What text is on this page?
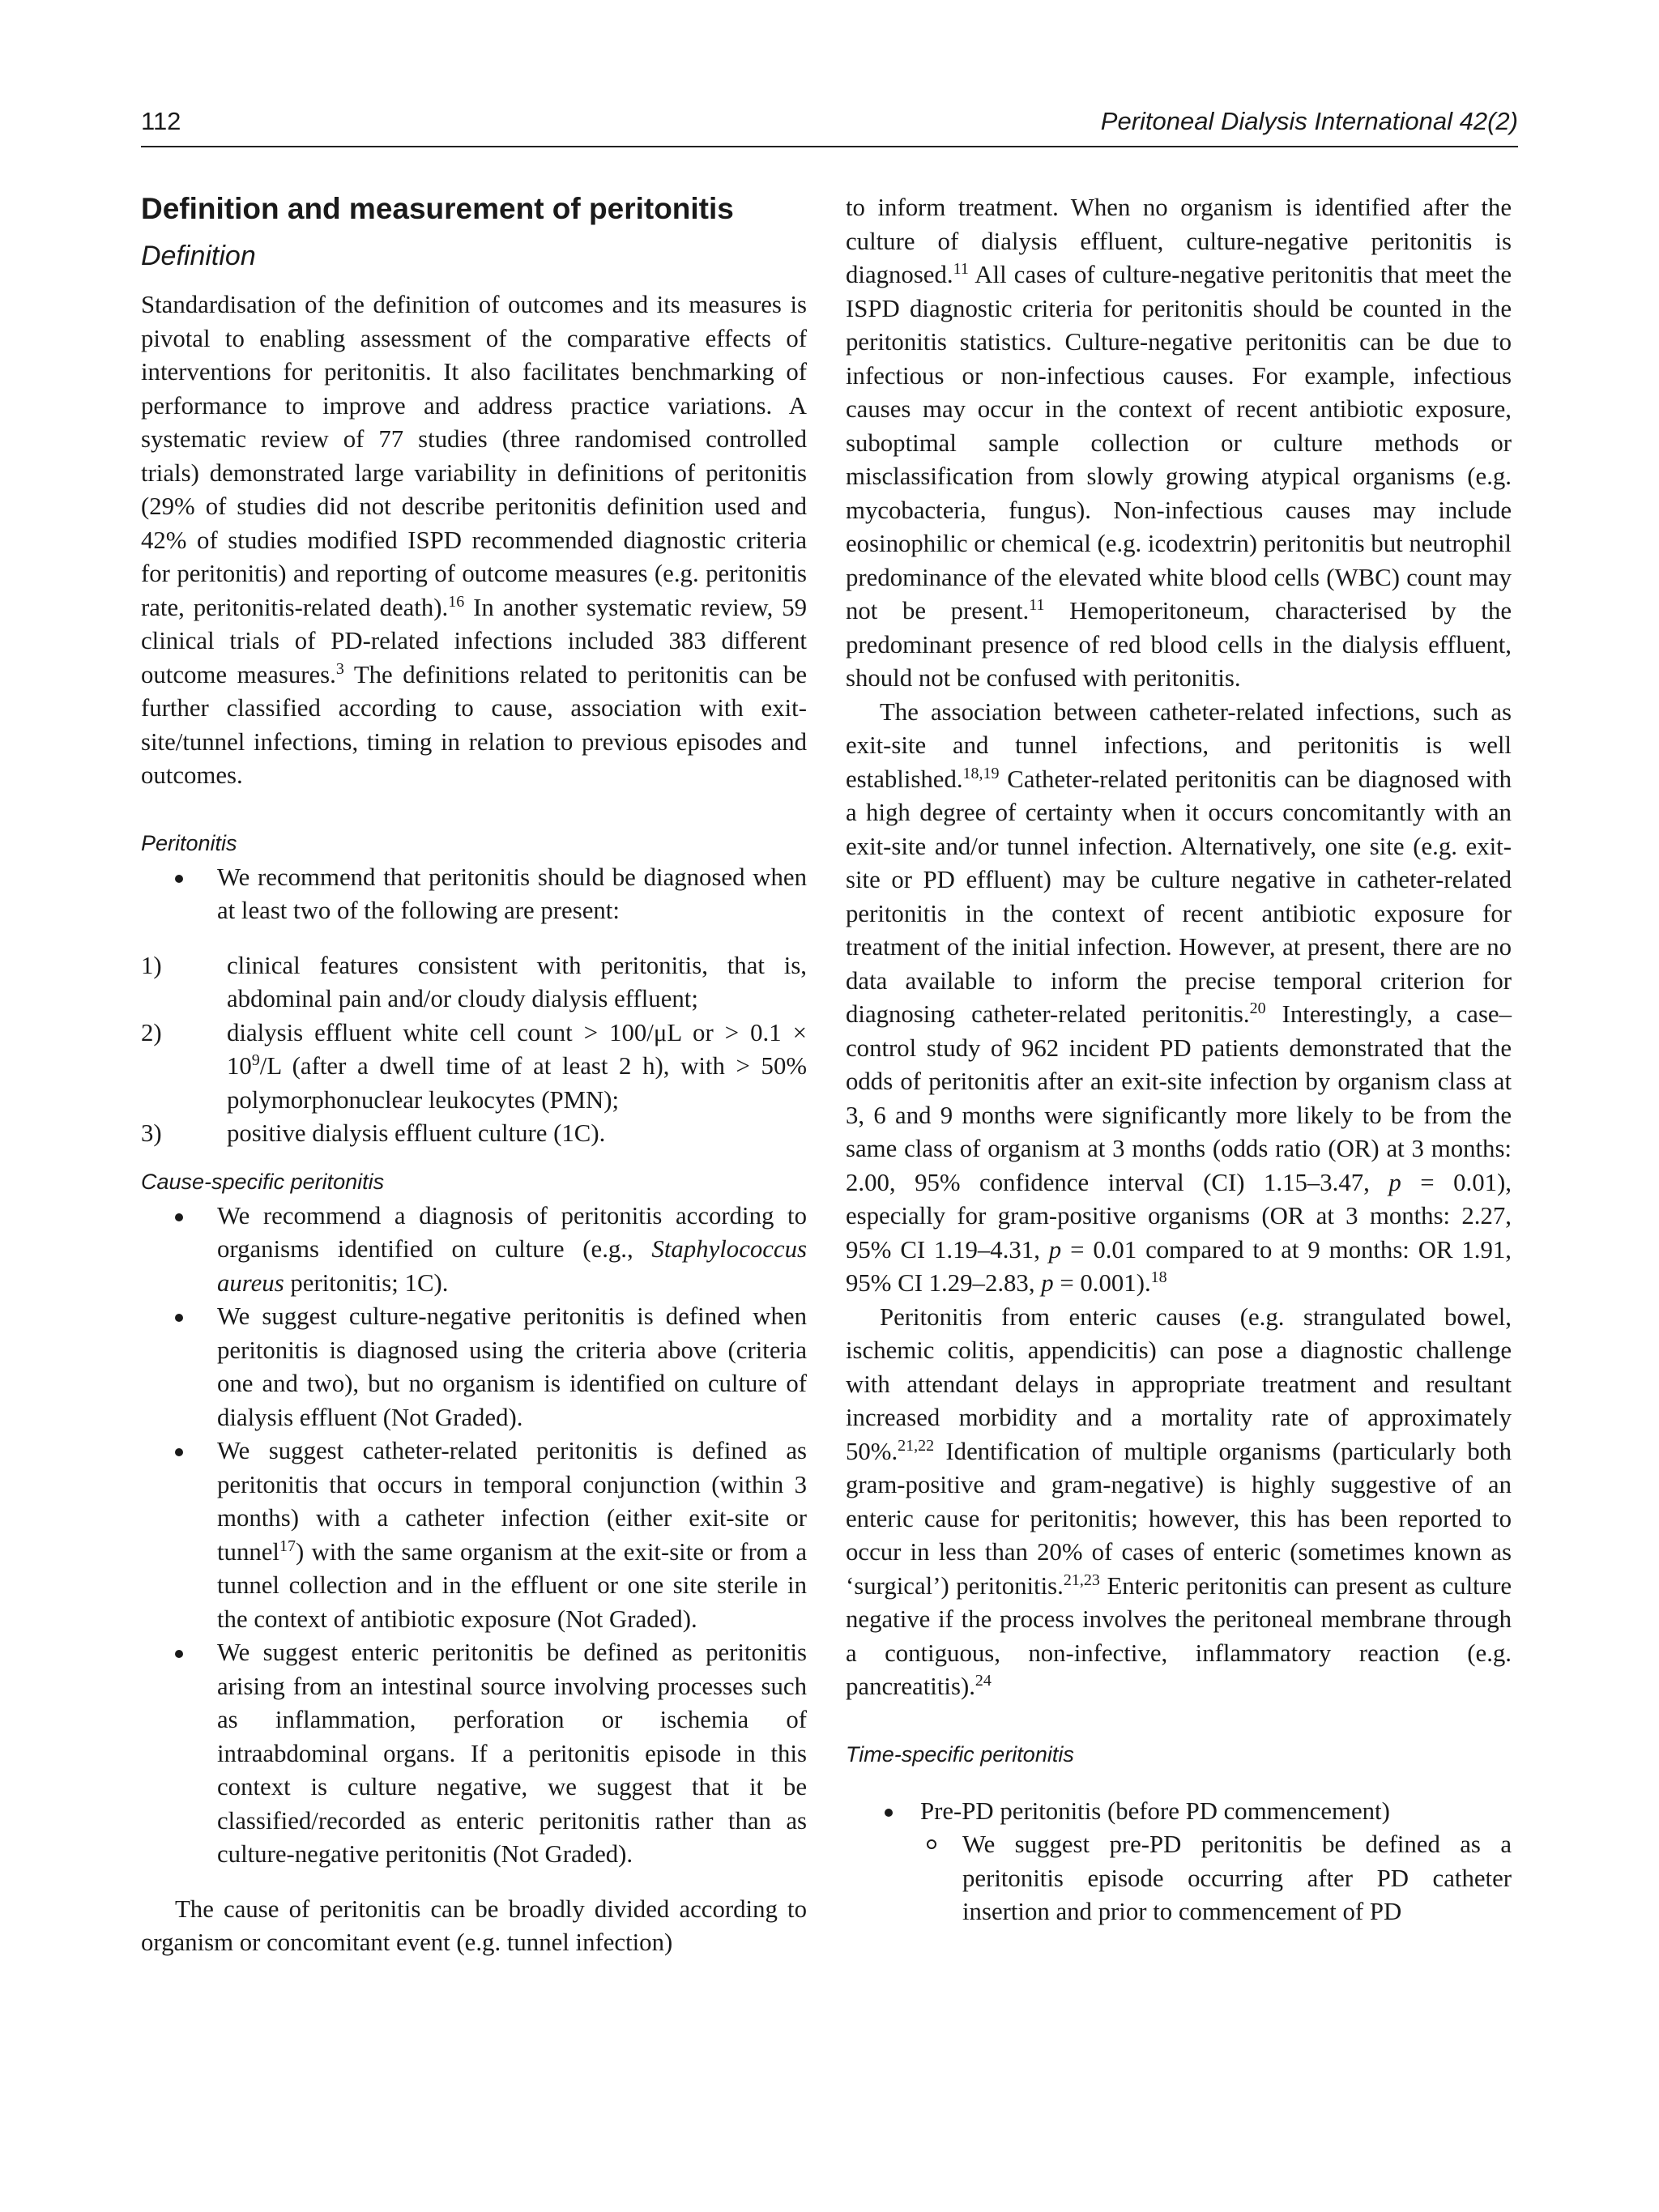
112	Peritoneal Dialysis International 42(2)
Definition and measurement of peritonitis
Definition

Standardisation of the definition of outcomes and its measures is pivotal to enabling assessment of the comparative effects of interventions for peritonitis. It also facilitates benchmarking of performance to improve and address practice variations. A systematic review of 77 studies (three randomised controlled trials) demonstrated large variability in definitions of peritonitis (29% of studies did not describe peritonitis definition used and 42% of studies modified ISPD recommended diagnostic criteria for peritonitis) and reporting of outcome measures (e.g. peritonitis rate, peritonitis-related death).$^{16}$ In another systematic review, 59 clinical trials of PD-related infections included 383 different outcome measures.$^3$ The definitions related to peritonitis can be further classified according to cause, association with exit-site/tunnel infections, timing in relation to previous episodes and outcomes.

Peritonitis
We recommend that peritonitis should be diagnosed when at least two of the following are present:
1)	clinical features consistent with peritonitis, that is, abdominal pain and/or cloudy dialysis effluent;
2)	dialysis effluent white cell count > 100/μL or > $0.1 \times 10^9/L$ (after a dwell time of at least 2 h), with > 50% polymorphonuclear leukocytes (PMN);
3)	positive dialysis effluent culture (1C).
Cause-specific peritonitis
We recommend a diagnosis of peritonitis according to organisms identified on culture (e.g., Staphylococcus aureus peritonitis; 1C).
We suggest culture-negative peritonitis is defined when peritonitis is diagnosed using the criteria above (criteria one and two), but no organism is identified on culture of dialysis effluent (Not Graded).
We suggest catheter-related peritonitis is defined as peritonitis that occurs in temporal conjunction (within 3 months) with a catheter infection (either exit-site or tunnel$^{17}$) with the same organism at the exit-site or from a tunnel collection and in the effluent or one site sterile in the context of antibiotic exposure (Not Graded).
We suggest enteric peritonitis be defined as peritonitis arising from an intestinal source involving processes such as inflammation, perforation or ischemia of intraabdominal organs. If a peritonitis episode in this context is culture negative, we suggest that it be classified/recorded as enteric peritonitis rather than as culture-negative peritonitis (Not Graded).

The cause of peritonitis can be broadly divided according to organism or concomitant event (e.g. tunnel infection)

to inform treatment. When no organism is identified after the culture of dialysis effluent, culture-negative peritonitis is diagnosed.$^{11}$ All cases of culture-negative peritonitis that meet the ISPD diagnostic criteria for peritonitis should be counted in the peritonitis statistics. Culture-negative peritonitis can be due to infectious or non-infectious causes. For example, infectious causes may occur in the context of recent antibiotic exposure, suboptimal sample collection or culture methods or misclassification from slowly growing atypical organisms (e.g. mycobacteria, fungus). Non-infectious causes may include eosinophilic or chemical (e.g. icodextrin) peritonitis but neutrophil predominance of the elevated white blood cells (WBC) count may not be present.$^{11}$ Hemoperitoneum, characterised by the predominant presence of red blood cells in the dialysis effluent, should not be confused with peritonitis.

The association between catheter-related infections, such as exit-site and tunnel infections, and peritonitis is well established.$^{18,19}$ Catheter-related peritonitis can be diagnosed with a high degree of certainty when it occurs concomitantly with an exit-site and/or tunnel infection. Alternatively, one site (e.g. exit-site or PD effluent) may be culture negative in catheter-related peritonitis in the context of recent antibiotic exposure for treatment of the initial infection. However, at present, there are no data available to inform the precise temporal criterion for diagnosing catheter-related peritonitis.$^{20}$ Interestingly, a case–control study of 962 incident PD patients demonstrated that the odds of peritonitis after an exit-site infection by organism class at 3, 6 and 9 months were significantly more likely to be from the same class of organism at 3 months (odds ratio (OR) at 3 months: 2.00, 95% confidence interval (CI) 1.15–3.47, p = 0.01), especially for gram-positive organisms (OR at 3 months: 2.27, 95% CI 1.19–4.31, p = 0.01 compared to at 9 months: OR 1.91, 95% CI 1.29–2.83, p = 0.001).$^{18}$

Peritonitis from enteric causes (e.g. strangulated bowel, ischemic colitis, appendicitis) can pose a diagnostic challenge with attendant delays in appropriate treatment and resultant increased morbidity and a mortality rate of approximately 50%.$^{21,22}$ Identification of multiple organisms (particularly both gram-positive and gram-negative) is highly suggestive of an enteric cause for peritonitis; however, this has been reported to occur in less than 20% of cases of enteric (sometimes known as ‘surgical’) peritonitis.$^{21,23}$ Enteric peritonitis can present as culture negative if the process involves the peritoneal membrane through a contiguous, non-infective, inflammatory reaction (e.g. pancreatitis).$^{24}$

Time-specific peritonitis
Pre-PD peritonitis (before PD commencement)
We suggest pre-PD peritonitis be defined as a peritonitis episode occurring after PD catheter insertion and prior to commencement of PD
